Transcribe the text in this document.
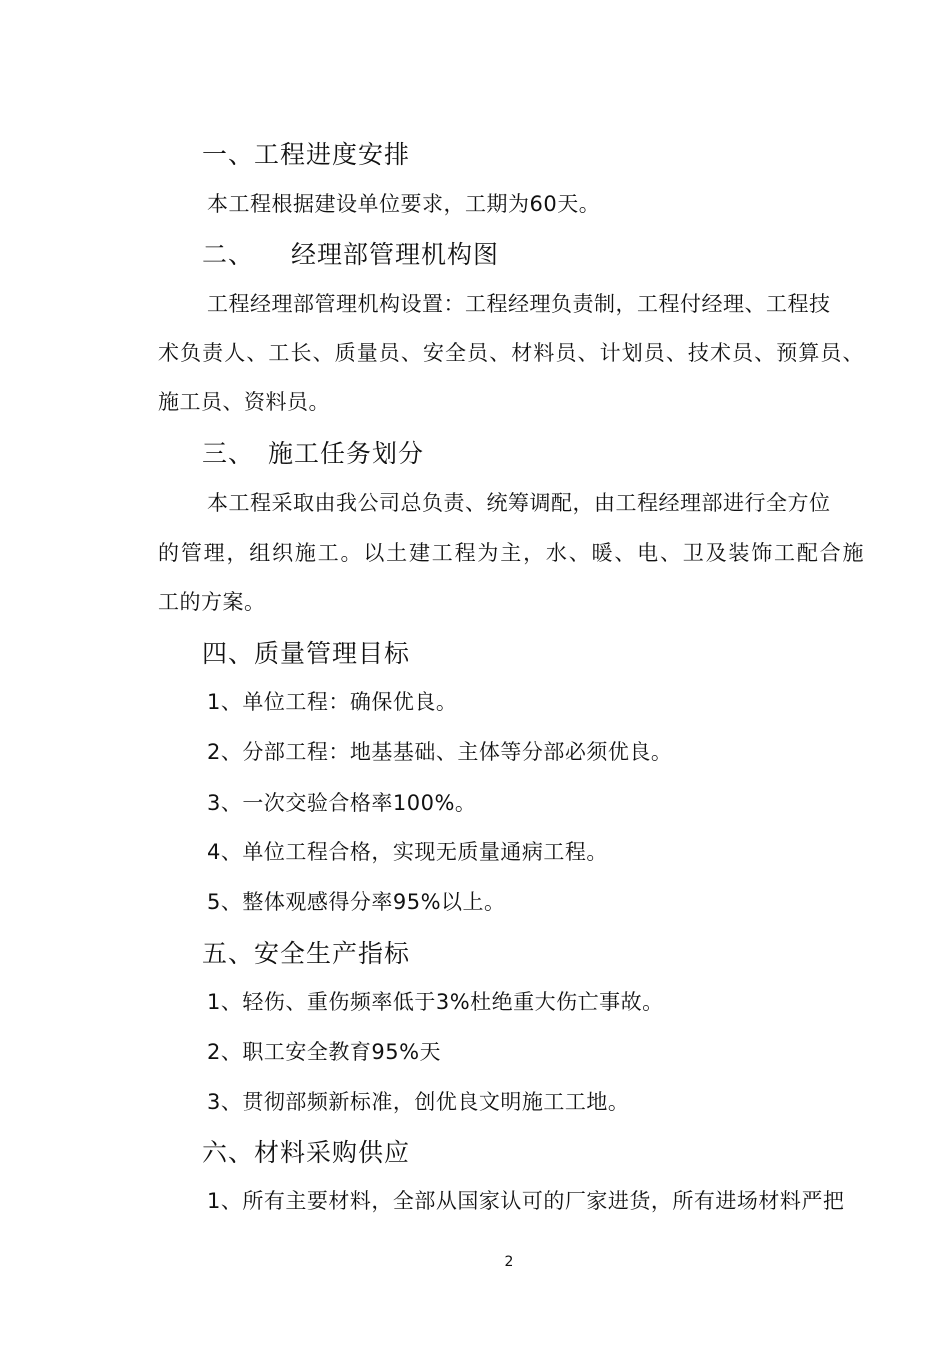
一、工程进度安排
本工程根据建设单位要求，工期为60天。
二、 经理部管理机构图
工程经理部管理机构设置：工程经理负责制，工程付经理、工程技
术负责人、工长、质量员、安全员、材料员、计划员、技术员、预算员、
施工员、资料员。
三、 施工任务划分
本工程采取由我公司总负责、统筹调配，由工程经理部进行全方位
的管理，组织施工。以土建工程为主，水、暖、电、卫及装饰工配合施
工的方案。
四、质量管理目标
1、单位工程：确保优良。
2、分部工程：地基基础、主体等分部必须优良。
3、一次交验合格率100%。
4、单位工程合格，实现无质量通病工程。
5、整体观感得分率95%以上。
五、安全生产指标
1、轻伤、重伤频率低于3%杜绝重大伤亡事故。
2、职工安全教育95%天
3、贯彻部频新标准，创优良文明施工工地。
六、材料采购供应
1、所有主要材料，全部从国家认可的厂家进货，所有进场材料严把
2
